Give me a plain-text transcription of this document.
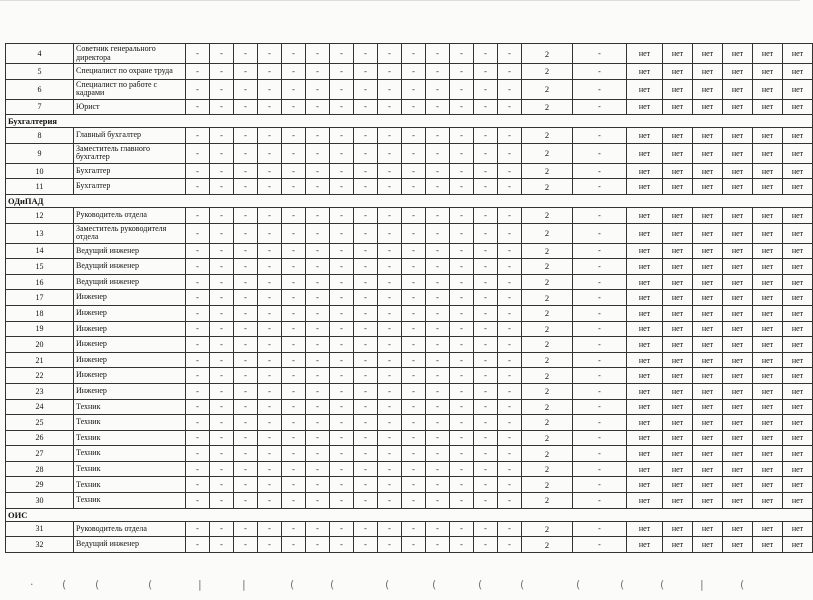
4	Советник генерального директора	-	-	-	-	-	-	-	-	-	-	-	-	-	-	2	-	нет	нет	нет	нет	нет	нет
5	Специалист по охране труда	-	-	-	-	-	-	-	-	-	-	-	-	-	-	2	-	нет	нет	нет	нет	нет	нет
6	Специалист по работе с кадрами	-	-	-	-	-	-	-	-	-	-	-	-	-	-	2	-	нет	нет	нет	нет	нет	нет
7	Юрист	-	-	-	-	-	-	-	-	-	-	-	-	-	-	2	-	нет	нет	нет	нет	нет	нет
Бухгалтерия																							
8	Главный бухгалтер	-	-	-	-	-	-	-	-	-	-	-	-	-	-	2	-	нет	нет	нет	нет	нет	нет
9	Заместитель главного бухгалтер	-	-	-	-	-	-	-	-	-	-	-	-	-	-	2	-	нет	нет	нет	нет	нет	нет
10	Бухгалтер	-	-	-	-	-	-	-	-	-	-	-	-	-	-	2	-	нет	нет	нет	нет	нет	нет
11	Бухгалтер	-	-	-	-	-	-	-	-	-	-	-	-	-	-	2	-	нет	нет	нет	нет	нет	нет
ОДиПАД																							
12	Руководитель отдела	-	-	-	-	-	-	-	-	-	-	-	-	-	-	2	-	нет	нет	нет	нет	нет	нет
13	Заместитель руководителя отдела	-	-	-	-	-	-	-	-	-	-	-	-	-	-	2	-	нет	нет	нет	нет	нет	нет
14	Ведущий инженер	-	-	-	-	-	-	-	-	-	-	-	-	-	-	2	-	нет	нет	нет	нет	нет	нет
15	Ведущий инженер	-	-	-	-	-	-	-	-	-	-	-	-	-	-	2	-	нет	нет	нет	нет	нет	нет
16	Ведущий инженер	-	-	-	-	-	-	-	-	-	-	-	-	-	-	2	-	нет	нет	нет	нет	нет	нет
17	Инженер	-	-	-	-	-	-	-	-	-	-	-	-	-	-	2	-	нет	нет	нет	нет	нет	нет
18	Инженер	-	-	-	-	-	-	-	-	-	-	-	-	-	-	2	-	нет	нет	нет	нет	нет	нет
19	Инженер	-	-	-	-	-	-	-	-	-	-	-	-	-	-	2	-	нет	нет	нет	нет	нет	нет
20	Инженер	-	-	-	-	-	-	-	-	-	-	-	-	-	-	2	-	нет	нет	нет	нет	нет	нет
21	Инженер	-	-	-	-	-	-	-	-	-	-	-	-	-	-	2	-	нет	нет	нет	нет	нет	нет
22	Инженер	-	-	-	-	-	-	-	-	-	-	-	-	-	-	2	-	нет	нет	нет	нет	нет	нет
23	Инженер	-	-	-	-	-	-	-	-	-	-	-	-	-	-	2	-	нет	нет	нет	нет	нет	нет
24	Техник	-	-	-	-	-	-	-	-	-	-	-	-	-	-	2	-	нет	нет	нет	нет	нет	нет
25	Техник	-	-	-	-	-	-	-	-	-	-	-	-	-	-	2	-	нет	нет	нет	нет	нет	нет
26	Техник	-	-	-	-	-	-	-	-	-	-	-	-	-	-	2	-	нет	нет	нет	нет	нет	нет
27	Техник	-	-	-	-	-	-	-	-	-	-	-	-	-	-	2	-	нет	нет	нет	нет	нет	нет
28	Техник	-	-	-	-	-	-	-	-	-	-	-	-	-	-	2	-	нет	нет	нет	нет	нет	нет
29	Техник	-	-	-	-	-	-	-	-	-	-	-	-	-	-	2	-	нет	нет	нет	нет	нет	нет
30	Техник	-	-	-	-	-	-	-	-	-	-	-	-	-	-	2	-	нет	нет	нет	нет	нет	нет
ОИС																							
31	Руководитель отдела	-	-	-	-	-	-	-	-	-	-	-	-	-	-	2	-	нет	нет	нет	нет	нет	нет
32	Ведущий инженер	-	-	-	-	-	-	-	-	-	-	-	-	-	-	2	-	нет	нет	нет	нет	нет	нет
·	(	(	(	|	|	(	(	(	(	(	(	(	(	(	|	(
